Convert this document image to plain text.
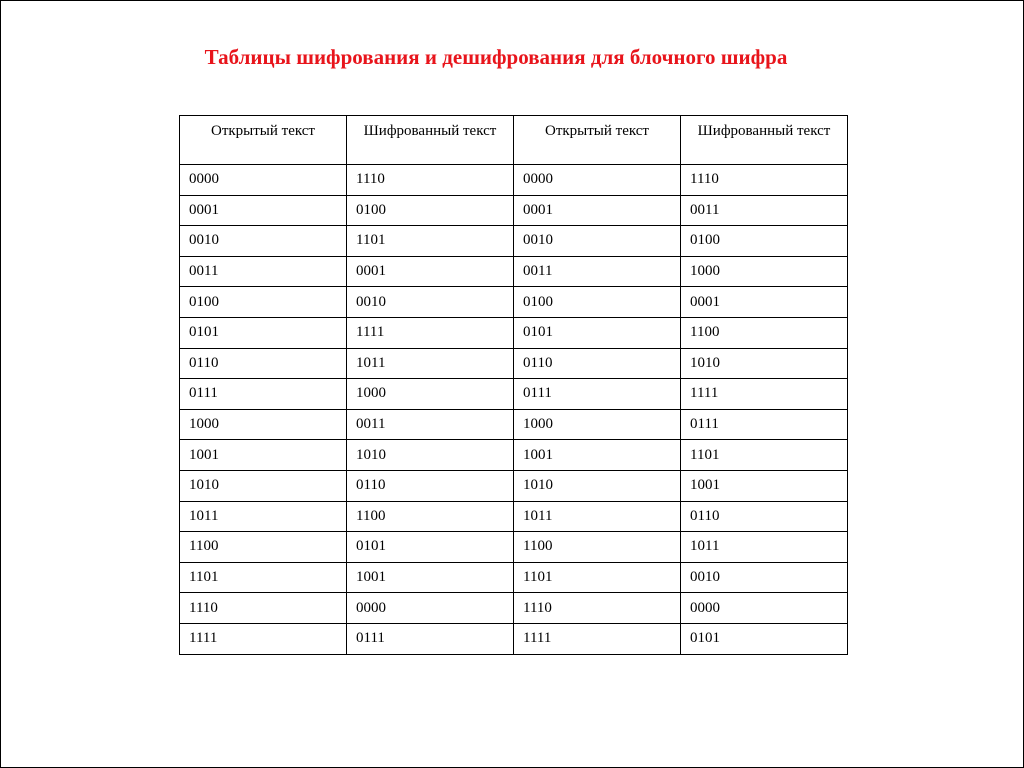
Таблицы шифрования и дешифрования для блочного шифра
Открытый текст	Шифрованный текст	Открытый текст	Шифрованный текст
0000	1110	0000	1110
0001	0100	0001	0011
0010	1101	0010	0100
0011	0001	0011	1000
0100	0010	0100	0001
0101	1111	0101	1100
0110	1011	0110	1010
0111	1000	0111	1111
1000	0011	1000	0111
1001	1010	1001	1101
1010	0110	1010	1001
1011	1100	1011	0110
1100	0101	1100	1011
1101	1001	1101	0010
1110	0000	1110	0000
1111	0111	1111	0101
